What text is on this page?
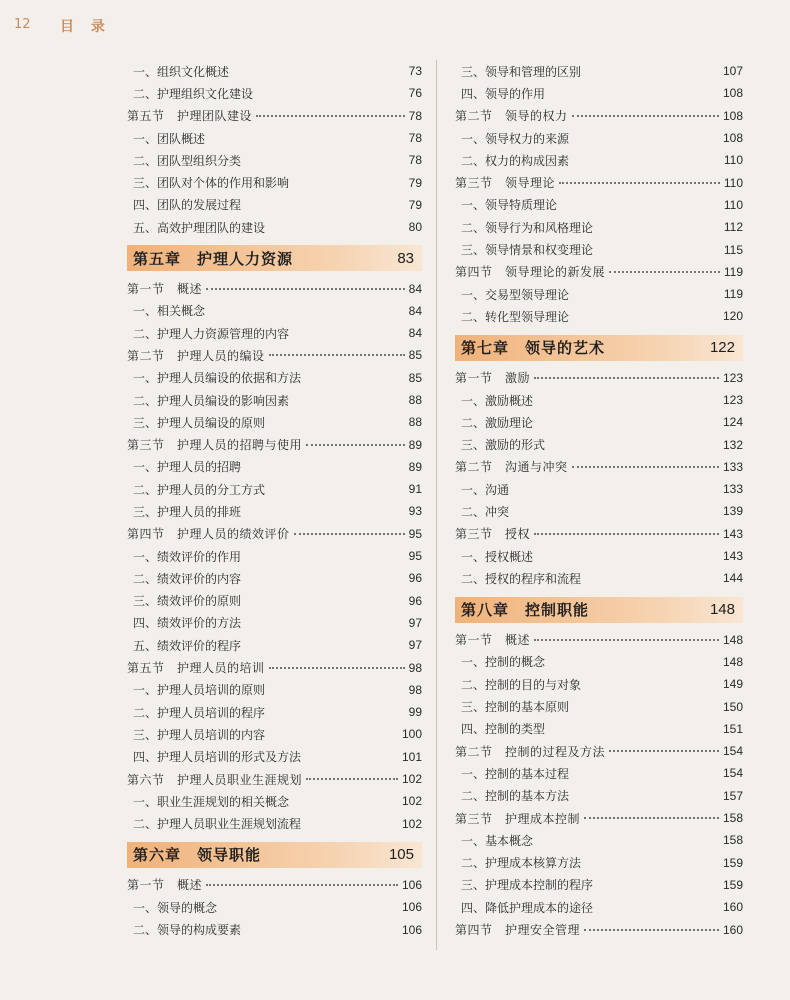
12 目 录
一、组织文化概述	73
二、护理组织文化建设	76
第五节　护理团队建设	78
一、团队概述	78
二、团队型组织分类	78
三、团队对个体的作用和影响	79
四、团队的发展过程	79
五、高效护理团队的建设	80
第五章　护理人力资源	83
第一节　概述	84
一、相关概念	84
二、护理人力资源管理的内容	84
第二节　护理人员的编设	85
一、护理人员编设的依据和方法	85
二、护理人员编设的影响因素	88
三、护理人员编设的原则	88
第三节　护理人员的招聘与使用	89
一、护理人员的招聘	89
二、护理人员的分工方式	91
三、护理人员的排班	93
第四节　护理人员的绩效评价	95
一、绩效评价的作用	95
二、绩效评价的内容	96
三、绩效评价的原则	96
四、绩效评价的方法	97
五、绩效评价的程序	97
第五节　护理人员的培训	98
一、护理人员培训的原则	98
二、护理人员培训的程序	99
三、护理人员培训的内容	100
四、护理人员培训的形式及方法	101
第六节　护理人员职业生涯规划	102
一、职业生涯规划的相关概念	102
二、护理人员职业生涯规划流程	102
第六章　领导职能	105
第一节　概述	106
一、领导的概念	106
二、领导的构成要素	106
三、领导和管理的区别	107
四、领导的作用	108
第二节　领导的权力	108
一、领导权力的来源	108
二、权力的构成因素	110
第三节　领导理论	110
一、领导特质理论	110
二、领导行为和风格理论	112
三、领导情景和权变理论	115
第四节　领导理论的新发展	119
一、交易型领导理论	119
二、转化型领导理论	120
第七章　领导的艺术	122
第一节　激励	123
一、激励概述	123
二、激励理论	124
三、激励的形式	132
第二节　沟通与冲突	133
一、沟通	133
二、冲突	139
第三节　授权	143
一、授权概述	143
二、授权的程序和流程	144
第八章　控制职能	148
第一节　概述	148
一、控制的概念	148
二、控制的目的与对象	149
三、控制的基本原则	150
四、控制的类型	151
第二节　控制的过程及方法	154
一、控制的基本过程	154
二、控制的基本方法	157
第三节　护理成本控制	158
一、基本概念	158
二、护理成本核算方法	159
三、护理成本控制的程序	159
四、降低护理成本的途径	160
第四节　护理安全管理	160
